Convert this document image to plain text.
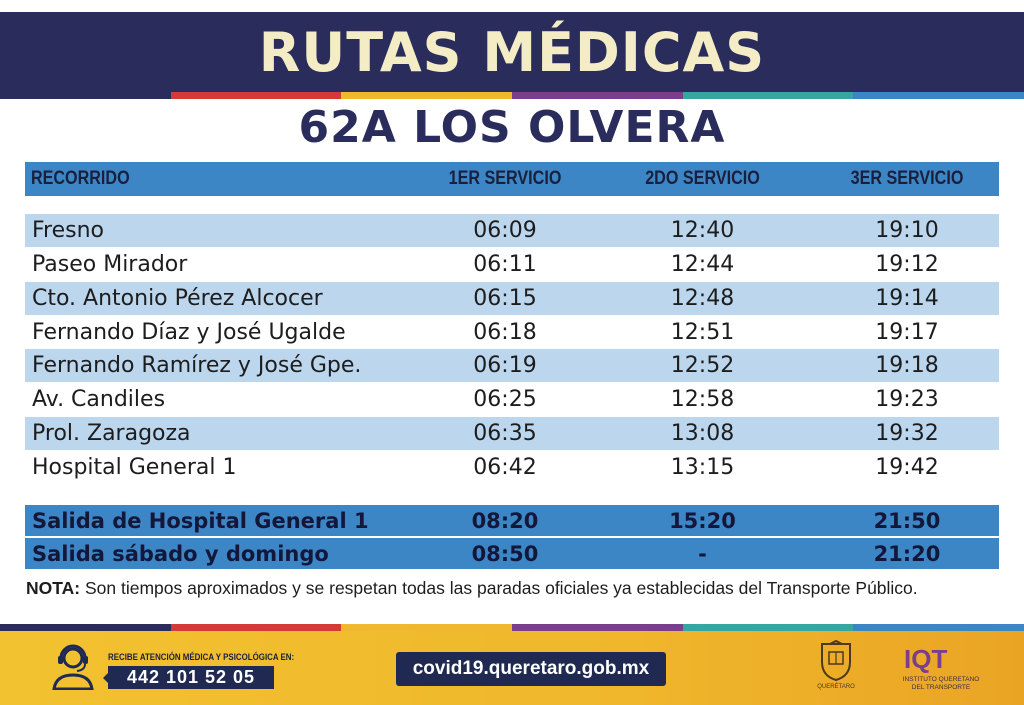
RUTAS MÉDICAS
62A LOS OLVERA
RECORRIDO	1ER SERVICIO	2DO SERVICIO	3ER SERVICIO
Fresno	06:09	12:40	19:10
Paseo Mirador	06:11	12:44	19:12
Cto. Antonio Pérez Alcocer	06:15	12:48	19:14
Fernando Díaz y José Ugalde	06:18	12:51	19:17
Fernando Ramírez y José Gpe.	06:19	12:52	19:18
Av. Candiles	06:25	12:58	19:23
Prol. Zaragoza	06:35	13:08	19:32
Hospital General 1	06:42	13:15	19:42
Salida de Hospital General 1	08:20	15:20	21:50
Salida sábado y domingo	08:50	-	21:20
NOTA: Son tiempos aproximados y se respetan todas las paradas oficiales ya establecidas del Transporte Público.
RECIBE ATENCIÓN MÉDICA Y PSICOLÓGICA EN:
442 101 52 05	covid19.queretaro.gob.mx
QUERÉTARO
IQT
INSTITUTO QUERETANO
DEL TRANSPORTE
